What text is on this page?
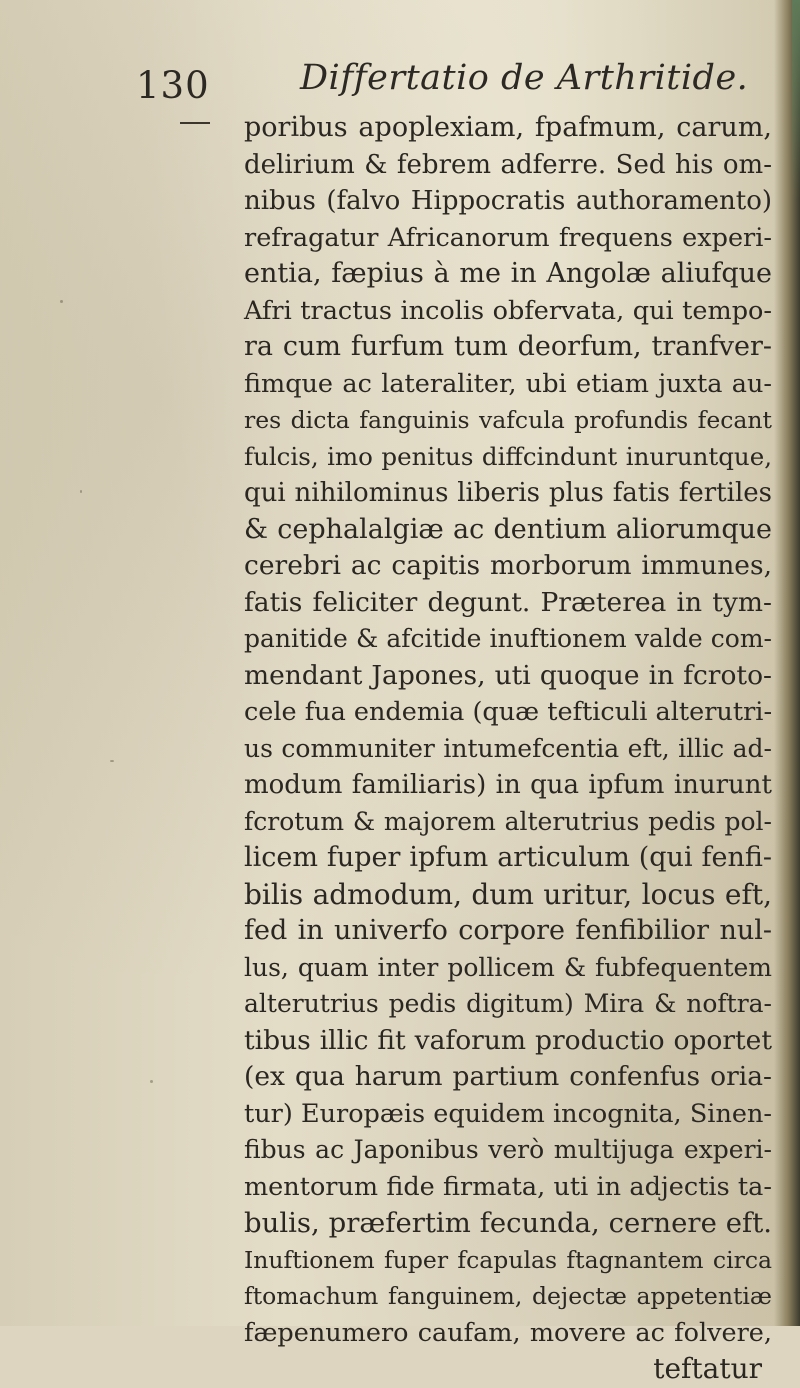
130	Differtatio de Arthritide.
poribus apoplexiam, fpafmum, carum,
delirium & febrem adferre. Sed his om-
nibus (falvo Hippocratis authoramento)
refragatur Africanorum frequens experi-
entia, fæpius à me in Angolæ aliufque
Afri tractus incolis obfervata, qui tempo-
ra cum furfum tum deorfum, tranfver-
fimque ac lateraliter, ubi etiam juxta au-
res dicta fanguinis vafcula profundis fecant
fulcis, imo penitus diffcindunt inuruntque,
qui nihilominus liberis plus fatis fertiles
& cephalalgiæ ac dentium aliorumque
cerebri ac capitis morborum immunes,
fatis feliciter degunt. Præterea in tym-
panitide & afcitide inuftionem valde com-
mendant Japones, uti quoque in fcroto-
cele fua endemia (quæ tefticuli alterutri-
us communiter intumefcentia eft, illic ad-
modum familiaris) in qua ipfum inurunt
fcrotum & majorem alterutrius pedis pol-
licem fuper ipfum articulum (qui fenfi-
bilis admodum, dum uritur, locus eft,
fed in univerfo corpore fenfibilior nul-
lus, quam inter pollicem & fubfequentem
alterutrius pedis digitum) Mira & noftra-
tibus illic fit vaforum productio oportet
(ex qua harum partium confenfus oria-
tur) Europæis equidem incognita, Sinen-
fibus ac Japonibus verò multijuga experi-
mentorum fide firmata, uti in adjectis ta-
bulis, præfertim fecunda, cernere eft.
Inuftionem fuper fcapulas ftagnantem circa
ftomachum fanguinem, dejectæ appetentiæ
fæpenumero caufam, movere ac folvere,
teftatur
